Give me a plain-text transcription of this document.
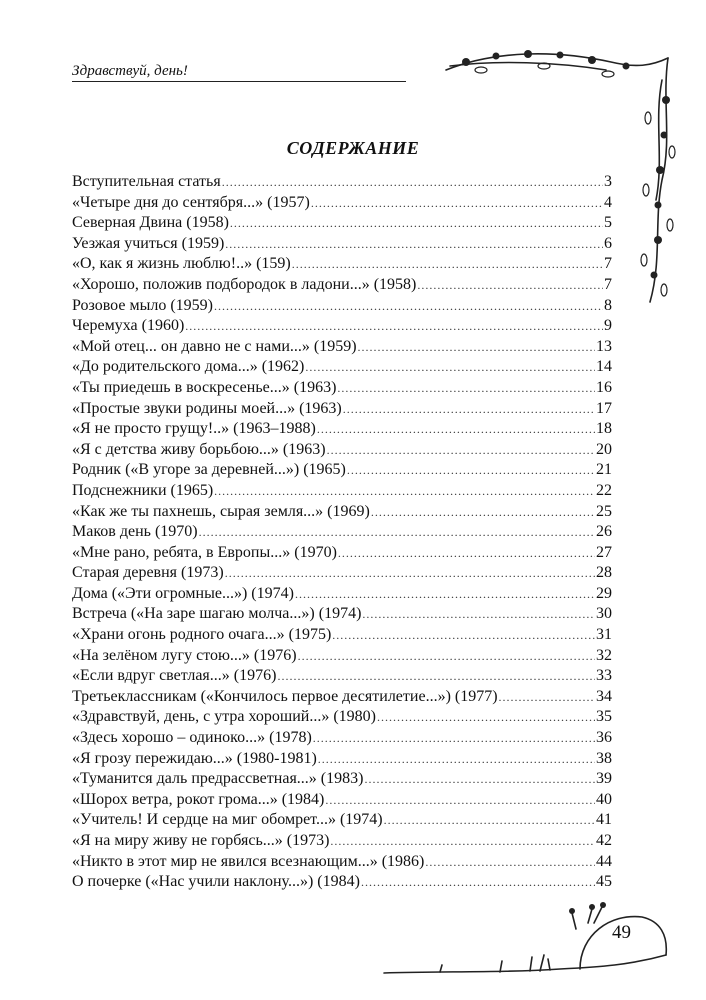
Здравствуй, день!
СОДЕРЖАНИЕ
Вступительная статья .....	3
«Четыре дня до сентября...» (1957) .....	4
Северная Двина (1958) .....	5
Уезжая учиться (1959) .....	6
«О, как я жизнь люблю!..» (159) .....	7
«Хорошо, положив подбородок в ладони...» (1958) .....	7
Розовое мыло (1959) .....	8
Черемуха (1960) .....	9
«Мой отец... он давно не с нами...» (1959) .....	13
«До родительского дома...» (1962) .....	14
«Ты приедешь в воскресенье...» (1963) .....	16
«Простые звуки родины моей...» (1963) .....	17
«Я не просто грущу!..» (1963–1988) .....	18
«Я с детства живу борьбою...» (1963) .....	20
Родник («В угоре за деревней...») (1965) .....	21
Подснежники (1965) .....	22
«Как же ты пахнешь, сырая земля...» (1969) .....	25
Маков день (1970) .....	26
«Мне рано, ребята, в Европы...» (1970) .....	27
Старая деревня (1973) .....	28
Дома («Эти огромные...») (1974) .....	29
Встреча («На заре шагаю молча...») (1974) .....	30
«Храни огонь родного очага...» (1975) .....	31
«На зелёном лугу стою...» (1976) .....	32
«Если вдруг светлая...» (1976) .....	33
Третьеклассникам («Кончилось первое десятилетие...») (1977) .....	34
«Здравствуй, день, с утра хороший...» (1980) .....	35
«Здесь хорошо – одиноко...» (1978) .....	36
«Я грозу пережидаю...» (1980-1981) .....	38
«Туманится даль предрассветная...» (1983) .....	39
«Шорох ветра, рокот грома...» (1984) .....	40
«Учитель! И сердце на миг обомрет...» (1974) .....	41
«Я на миру живу не горбясь...» (1973) .....	42
«Никто в этот мир не явился всезнающим...» (1986) .....	44
О почерке («Нас учили наклону...») (1984) .....	45
49
